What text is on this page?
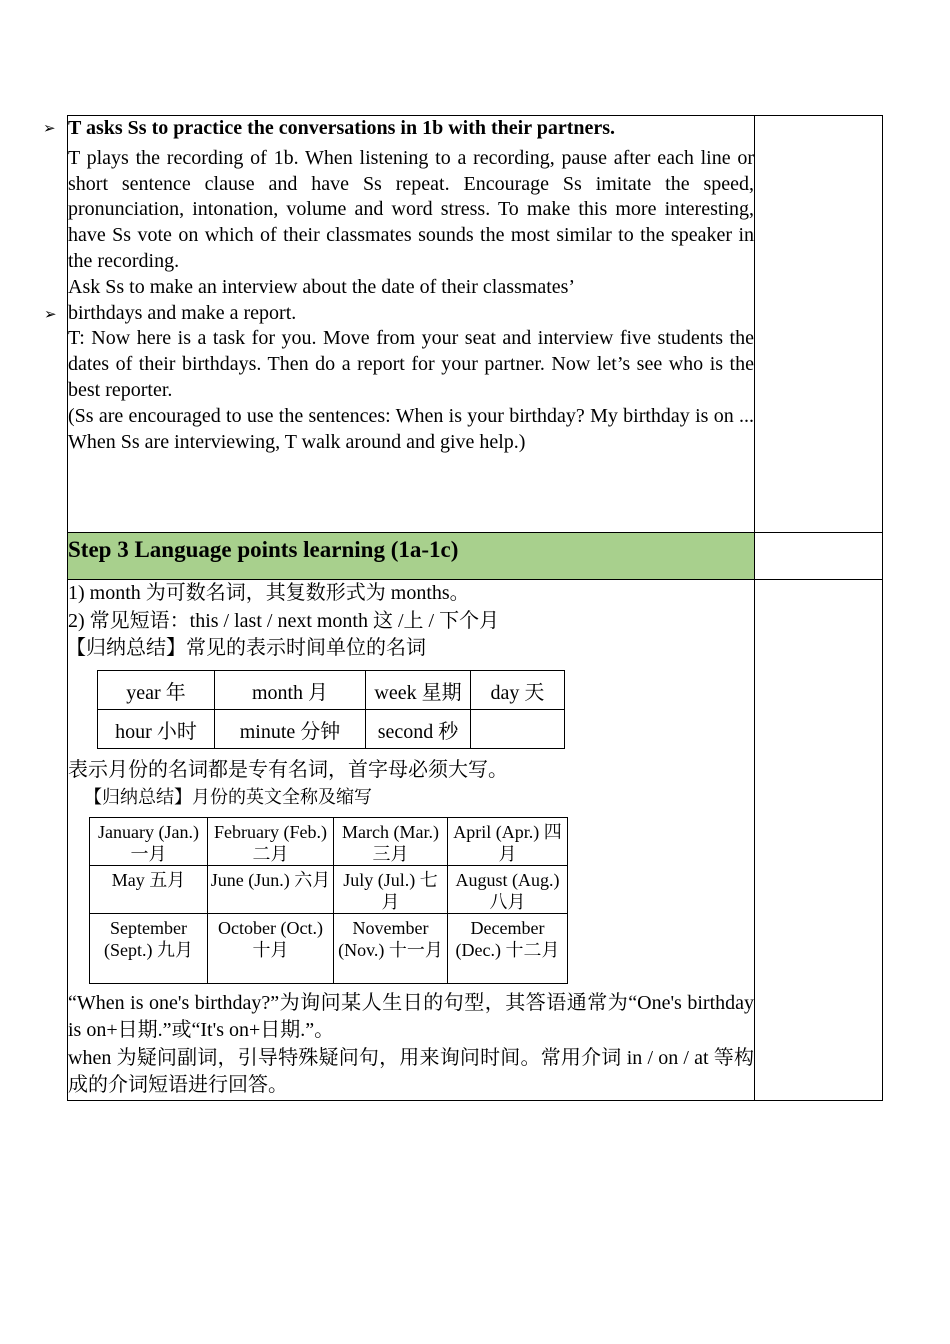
➢
➢

T asks Ss to practice the conversations in 1b with their partners.

T plays the recording of 1b. When listening to a recording, pause after each line or short sentence clause and have Ss repeat. Encourage Ss imitate the speed, pronunciation, intonation, volume and word stress. To make this more interesting, have Ss vote on which of their classmates sounds the most similar to the speaker in the recording.

Ask Ss to make an interview about the date of their classmates’

birthdays and make a report.

T: Now here is a task for you. Move from your seat and interview five students the dates of their birthdays. Then do a report for your partner. Now let’s see who is the best reporter.

(Ss are encouraged to use the sentences: When is your birthday? My birthday is on ... When Ss are interviewing, T walk around and give help.)

Step 3 Language points learning (1a-1c)

1) month 为可数名词，其复数形式为 months。

2) 常见短语：this / last / next month 这 /上 / 下个月

【归纳总结】常见的表示时间单位的名词

year 年	month 月	week 星期	day 天
hour 小时	minute 分钟	second 秒	

表示月份的名词都是专有名词，首字母必须大写。

【归纳总结】月份的英文全称及缩写

January (Jan.) 一月	February (Feb.) 二月	March (Mar.) 三月	April (Apr.) 四月
May 五月	June (Jun.) 六月	July (Jul.) 七月	August (Aug.) 八月
September (Sept.) 九月	October (Oct.) 十月	November (Nov.) 十一月	December (Dec.) 十二月

“When is one's birthday?”为询问某人生日的句型，其答语通常为“One's birthday is on+日期.”或“It's on+日期.”。

when 为疑问副词，引导特殊疑问句，用来询问时间。常用介词 in / on / at 等构成的介词短语进行回答。
